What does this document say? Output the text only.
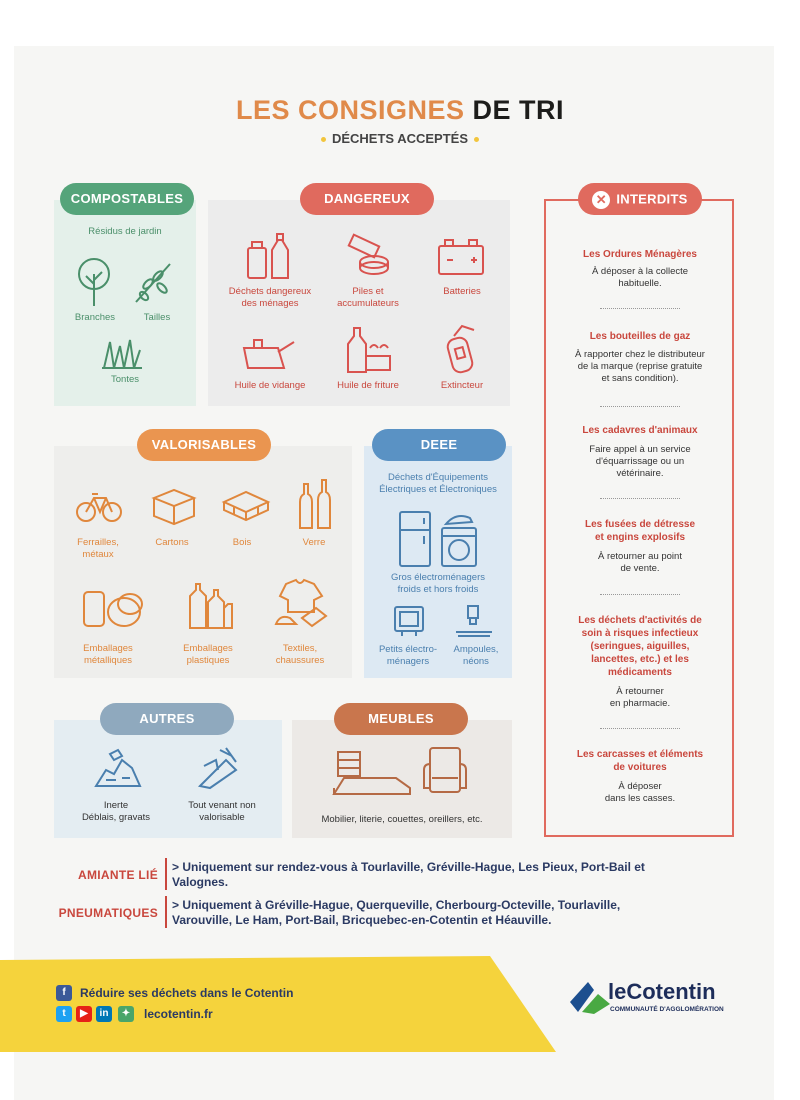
LES CONSIGNES DE TRI
DÉCHETS ACCEPTÉS
COMPOSTABLES
Résidus de jardin
Branches	Tailles
Tontes
DANGEREUX
Déchets dangereux
des ménages
Piles et
accumulateurs
Batteries
Huile de vidange	Huile de friture	Extincteur
✕ INTERDITS
Les Ordures Ménagères
À déposer à la collecte
habituelle.
Les bouteilles de gaz
À rapporter chez le distributeur
de la marque (reprise gratuite
et sans condition).
Les cadavres d'animaux
Faire appel à un service
d'équarrissage ou un
vétérinaire.
Les fusées de détresse
et engins explosifs
À retourner au point
de vente.
Les déchets d'activités de
soin à risques infectieux
(seringues, aiguilles,
lancettes, etc.) et les
médicaments
À retourner
en pharmacie.
Les carcasses et éléments
de voitures
À déposer
dans les casses.
VALORISABLES
Ferrailles,
métaux
Cartons	Bois	Verre
Emballages
métalliques
Emballages
plastiques
Textiles,
chaussures
DEEE
Déchets d'Équipements
Électriques et Électroniques
Gros électroménagers
froids et hors froids
Petits électro-
ménagers
Ampoules,
néons
AUTRES
Inerte
Déblais, gravats
Tout venant non
valorisable
MEUBLES
Mobilier, literie, couettes, oreillers, etc.
AMIANTE LIÉ
> Uniquement sur rendez-vous à Tourlaville, Gréville-Hague, Les Pieux, Port-Bail et
Valognes.
PNEUMATIQUES
> Uniquement à Gréville-Hague, Querqueville, Cherbourg-Octeville, Tourlaville,
Varouville, Le Ham, Port-Bail, Bricquebec-en-Cotentin et Héauville.
f	Réduire ses déchets dans le Cotentin
t	▶	in	✦	lecotentin.fr
leCotentin
COMMUNAUTÉ D'AGGLOMÉRATION
